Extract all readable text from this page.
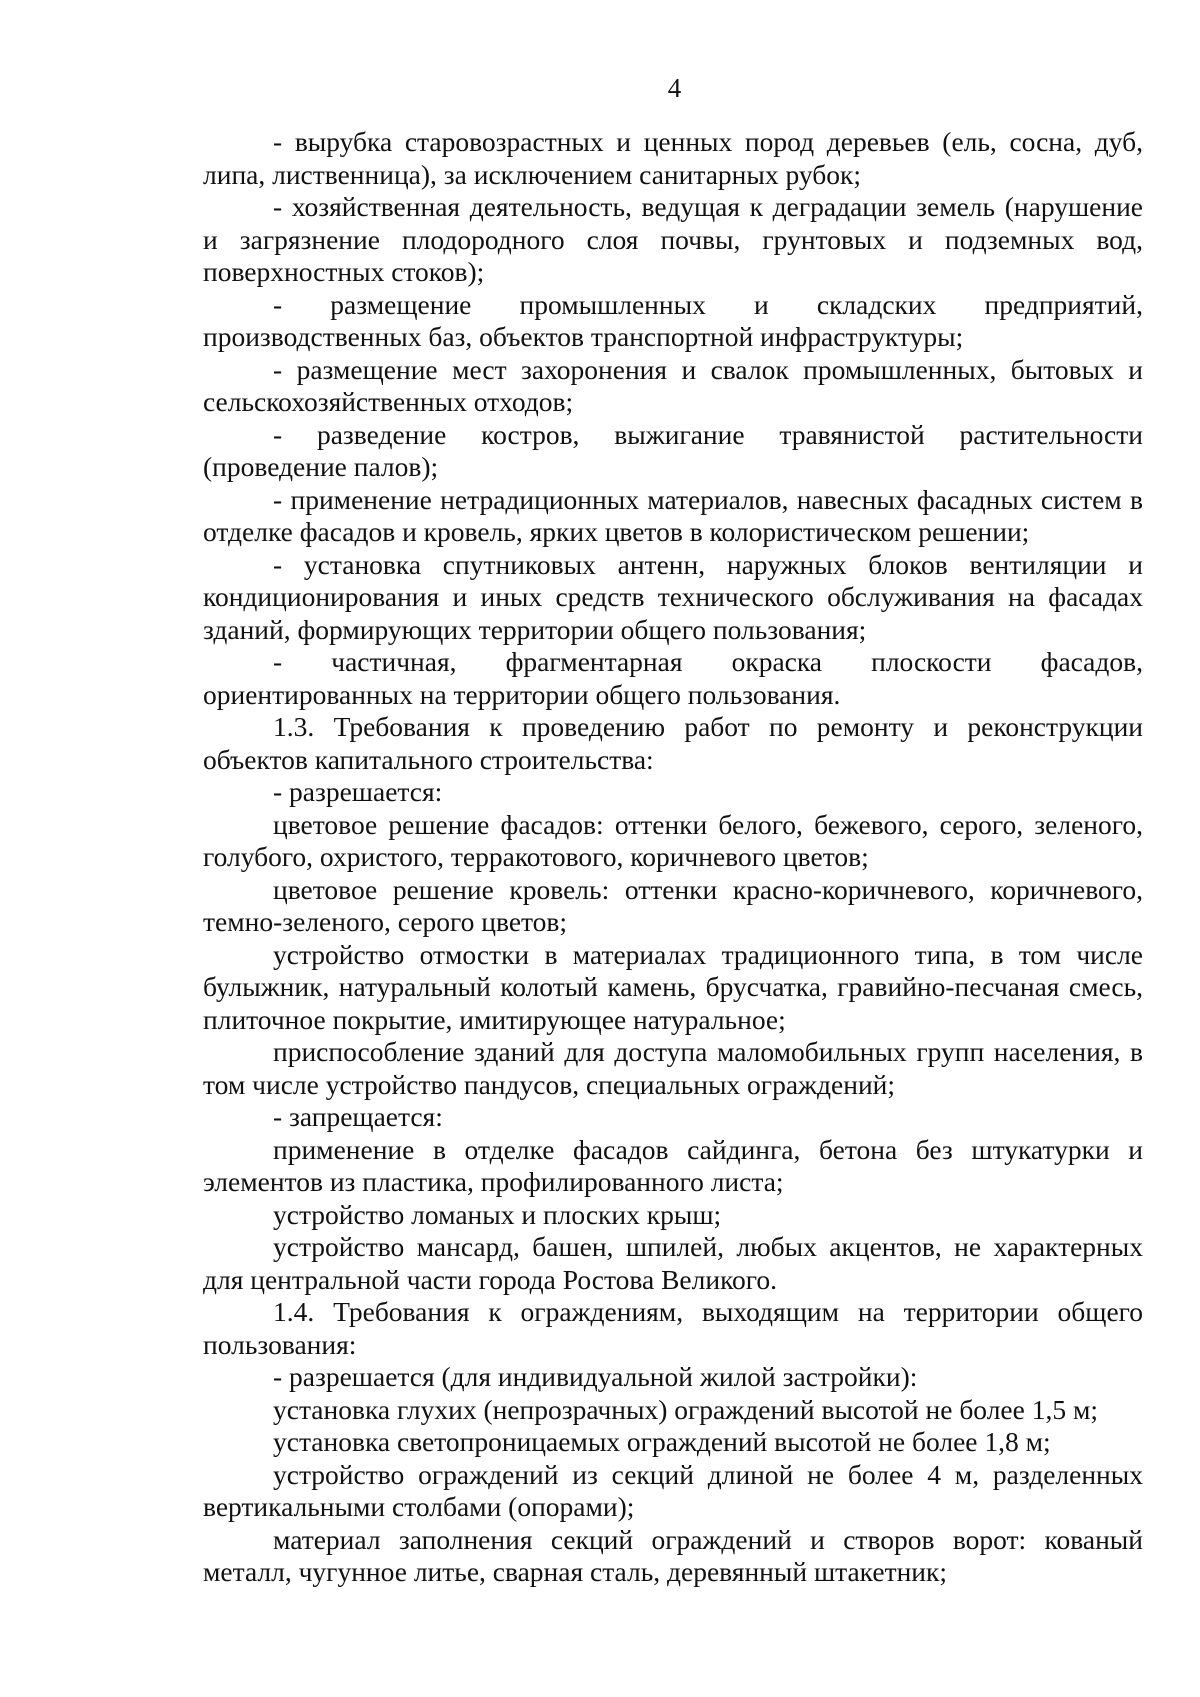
4

- вырубка старовозрастных и ценных пород деревьев (ель, сосна, дуб, липа, лиственница), за исключением санитарных рубок;

- хозяйственная деятельность, ведущая к деградации земель (нарушение и загрязнение плодородного слоя почвы, грунтовых и подземных вод, поверхностных стоков);

- размещение промышленных и складских предприятий, производственных баз, объектов транспортной инфраструктуры;

- размещение мест захоронения и свалок промышленных, бытовых и сельскохозяйственных отходов;

- разведение костров, выжигание травянистой растительности (проведение палов);

- применение нетрадиционных материалов, навесных фасадных систем в отделке фасадов и кровель, ярких цветов в колористическом решении;

- установка спутниковых антенн, наружных блоков вентиляции и кондиционирования и иных средств технического обслуживания на фасадах зданий, формирующих территории общего пользования;

- частичная, фрагментарная окраска плоскости фасадов, ориентированных на территории общего пользования.

1.3. Требования к проведению работ по ремонту и реконструкции объектов капитального строительства:

- разрешается:

цветовое решение фасадов: оттенки белого, бежевого, серого, зеленого, голубого, охристого, терракотового, коричневого цветов;

цветовое решение кровель: оттенки красно-коричневого, коричневого, темно-зеленого, серого цветов;

устройство отмостки в материалах традиционного типа, в том числе булыжник, натуральный колотый камень, брусчатка, гравийно-песчаная смесь, плиточное покрытие, имитирующее натуральное;

приспособление зданий для доступа маломобильных групп населения, в том числе устройство пандусов, специальных ограждений;

- запрещается:

применение в отделке фасадов сайдинга, бетона без штукатурки и элементов из пластика, профилированного листа;

устройство ломаных и плоских крыш;

устройство мансард, башен, шпилей, любых акцентов, не характерных для центральной части города Ростова Великого.

1.4. Требования к ограждениям, выходящим на территории общего пользования:

- разрешается (для индивидуальной жилой застройки):

установка глухих (непрозрачных) ограждений высотой не более 1,5 м;

установка светопроницаемых ограждений высотой не более 1,8 м;

устройство ограждений из секций длиной не более 4 м, разделенных вертикальными столбами (опорами);

материал заполнения секций ограждений и створов ворот: кованый металл, чугунное литье, сварная сталь, деревянный штакетник;
